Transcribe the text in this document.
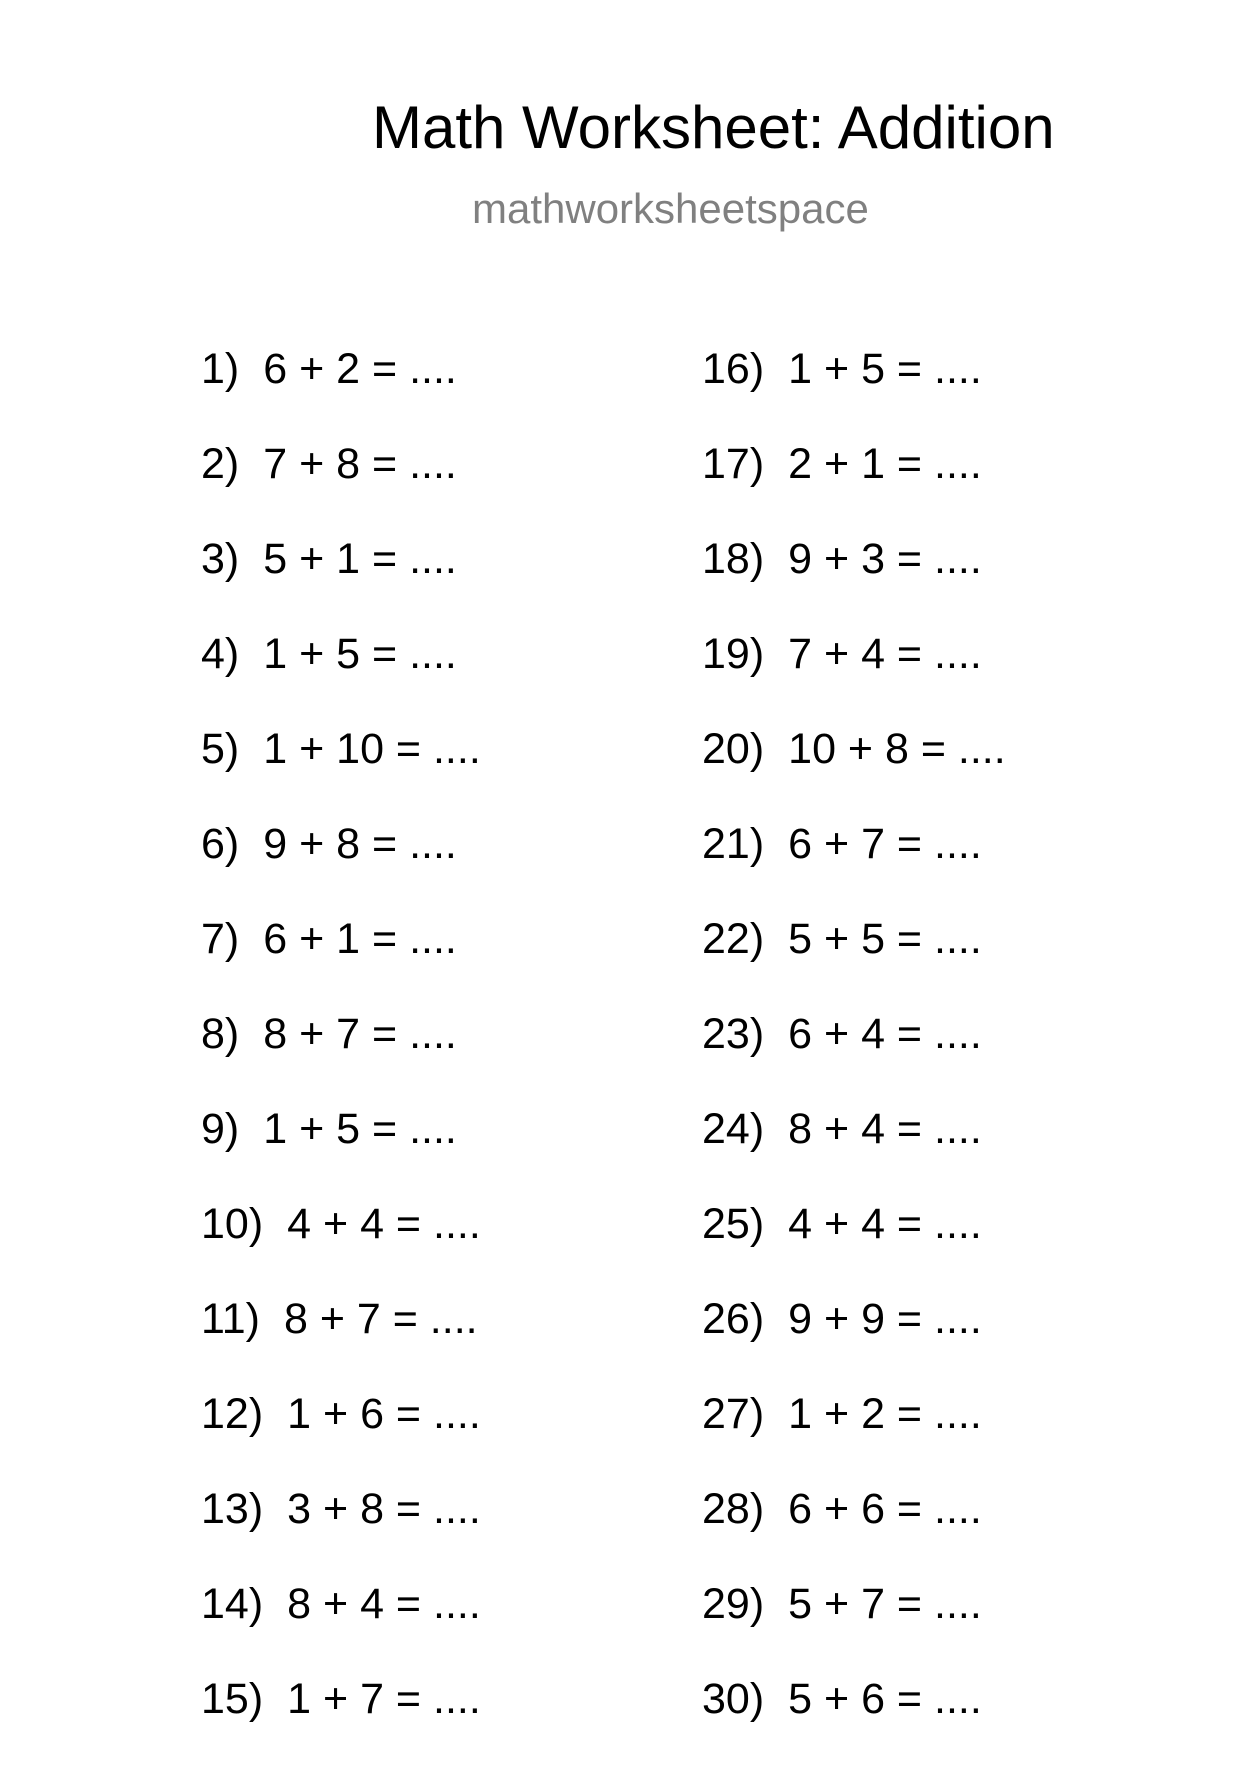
Math Worksheet: Addition
mathworksheetspace
1) 6 + 2 = ....
2) 7 + 8 = ....
3) 5 + 1 = ....
4) 1 + 5 = ....
5) 1 + 10 = ....
6) 9 + 8 = ....
7) 6 + 1 = ....
8) 8 + 7 = ....
9) 1 + 5 = ....
10) 4 + 4 = ....
11) 8 + 7 = ....
12) 1 + 6 = ....
13) 3 + 8 = ....
14) 8 + 4 = ....
15) 1 + 7 = ....
16) 1 + 5 = ....
17) 2 + 1 = ....
18) 9 + 3 = ....
19) 7 + 4 = ....
20) 10 + 8 = ....
21) 6 + 7 = ....
22) 5 + 5 = ....
23) 6 + 4 = ....
24) 8 + 4 = ....
25) 4 + 4 = ....
26) 9 + 9 = ....
27) 1 + 2 = ....
28) 6 + 6 = ....
29) 5 + 7 = ....
30) 5 + 6 = ....
